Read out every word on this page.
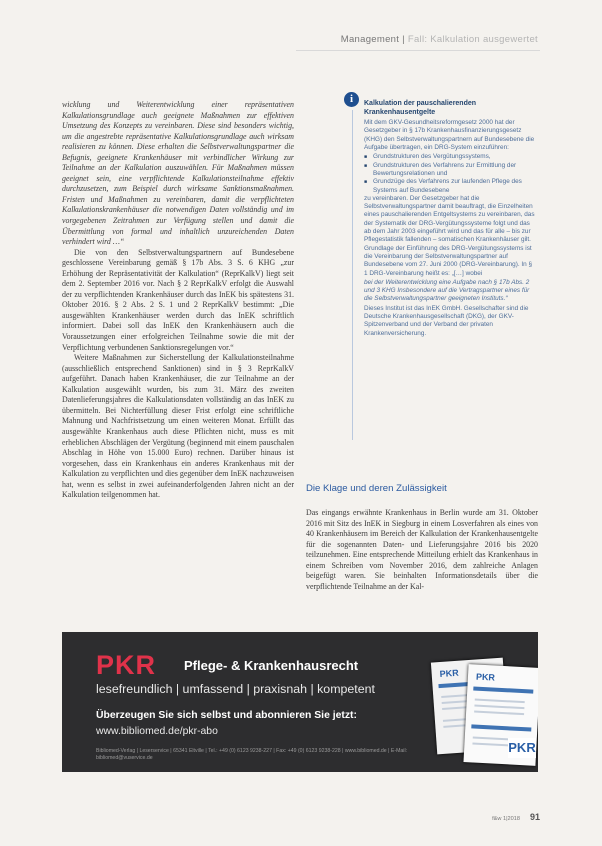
Management | Fall: Kalkulation ausgewertet

wicklung und Weiterentwicklung einer repräsentativen Kalkulationsgrundlage auch geeignete Maßnahmen zur effektiven Umsetzung des Konzepts zu vereinbaren. Diese sind besonders wichtig, um die angestrebte repräsentative Kalkulationsgrundlage auch wirksam realisieren zu können. Diese erhalten die Selbstverwaltungspartner die Befugnis, geeignete Krankenhäuser mit verbindlicher Wirkung zur Teilnahme an der Kalkulation auszuwählen. Für Maßnahmen müssen geeignet sein, eine verpflichtende Kalkulationsteilnahme effektiv durchzusetzen, zum Beispiel durch wirksame Sanktionsmaßnahmen. Fristen und Maßnahmen zu vereinbaren, damit die verpflichteten Kalkulationskrankenhäuser die notwendigen Daten vollständig und im vorgegebenen Zeitrahmen zur Verfügung stellen und damit die Übermittlung von formal und inhaltlich unzureichenden Daten verhindert wird …“

Die von den Selbstverwaltungspartnern auf Bundesebene geschlossene Vereinbarung gemäß § 17b Abs. 3 S. 6 KHG „zur Erhöhung der Repräsentativität der Kalkulation“ (ReprKalkV) liegt seit dem 2. September 2016 vor. Nach § 2 ReprKalkV erfolgt die Auswahl der zu verpflichtenden Krankenhäuser durch das InEK bis spätestens 31. Oktober 2016. § 2 Abs. 2 S. 1 und 2 ReprKalkV bestimmt: „Die ausgewählten Krankenhäuser werden durch das InEK schriftlich informiert. Dabei soll das InEK den Krankenhäusern auch die Voraussetzungen einer erfolgreichen Teilnahme sowie die mit der Verpflichtung verbundenen Sanktionsregelungen vor.“

Weitere Maßnahmen zur Sicherstellung der Kalkulationsteilnahme (ausschließlich entsprechend Sanktionen) sind in § 3 ReprKalkV aufgeführt. Danach haben Krankenhäuser, die zur Teilnahme an der Kalkulation ausgewählt wurden, bis zum 31. März des zweiten Datenlieferungsjahres die Kalkulationsdaten vollständig an das InEK zu übermitteln. Bei Nichterfüllung dieser Frist erfolgt eine schriftliche Mahnung und Nachfristsetzung um einen weiteren Monat. Erfüllt das ausgewählte Krankenhaus auch diese Pflichten nicht, muss es mit erheblichen Abschlägen der Vergütung (beginnend mit einem pauschalen Abschlag in Höhe von 15.000 Euro) rechnen. Darüber hinaus ist vorgesehen, dass ein Krankenhaus ein anderes Krankenhaus mit der Kalkulation zu verpflichten und dies gegenüber dem InEK nachzuweisen hat, wenn es selbst in zwei aufeinanderfolgenden Jahren nicht an der Kalkulation teilgenommen hat.

i	Kalkulation der pauschalierenden Krankenhausentgelte

Mit dem GKV-Gesundheitsreformgesetz 2000 hat der Gesetzgeber in § 17b Krankenhausfinanzierungsgesetz (KHG) den Selbstverwaltungspartnern auf Bundesebene die Aufgabe übertragen, ein DRG-System einzuführen:

■ Grundstrukturen des Vergütungssystems,
■ Grundstrukturen des Verfahrens zur Ermittlung der Bewertungsrelationen und
■ Grundzüge des Verfahrens zur laufenden Pflege des Systems auf Bundesebene

zu vereinbaren. Der Gesetzgeber hat die Selbstverwaltungspartner damit beauftragt, die Einzelheiten eines pauschalierenden Entgeltsystems zu vereinbaren, das der Systematik der DRG-Vergütungssysteme folgt und das ab dem Jahr 2003 eingeführt wird und das für alle – bis zur Pflegestatistik fallenden – somatischen Krankenhäuser gilt. Grundlage der Einführung des DRG-Vergütungssystems ist die Vereinbarung der Selbstverwaltungspartner auf Bundesebene vom 27. Juni 2000 (DRG-Vereinbarung). In § 1 DRG-Vereinbarung heißt es: „[…] wobei

bei der Weiterentwicklung eine Aufgabe nach § 17b Abs. 2 und 3 KHG Insbesondere auf die Vertragspartner eines für die Selbstverwaltungspartner geeigneten Instituts.“

Dieses Institut ist das InEK GmbH. Gesellschafter sind die Deutsche Krankenhausgesellschaft (DKG), der GKV-Spitzenverband und der Verband der privaten Krankenversicherung.

Die Klage und deren Zulässigkeit

Das eingangs erwähnte Krankenhaus in Berlin wurde am 31. Oktober 2016 mit Sitz des InEK in Siegburg in einem Losverfahren als eines von 40 Krankenhäusern im Bereich der Kalkulation der Krankenhausentgelte für die sogenannten Daten- und Lieferungsjahre 2016 bis 2020 teilzunehmen. Eine entsprechende Mitteilung erhielt das Krankenhaus in einem Schreiben vom November 2016, dem zahlreiche Anlagen beigefügt waren. Sie beinhalten Informationsdetails über die verpflichtende Teilnahme an der Kal-

PKR Pflege- & Krankenhausrecht
lesefreundlich | umfassend | praxisnah | kompetent
Überzeugen Sie sich selbst und abonnieren Sie jetzt:
www.bibliomed.de/pkr-abo
Bibliomed-Verlag | Leserservice | 65341 Eltville | Tel.: +49 (0) 6123 9238-227 | Fax: +49 (0) 6123 9238-228 | www.bibliomed.de | E-Mail: bibliomed@vuservice.de
PKR PKR
PKR
f&w 1|2018 91
